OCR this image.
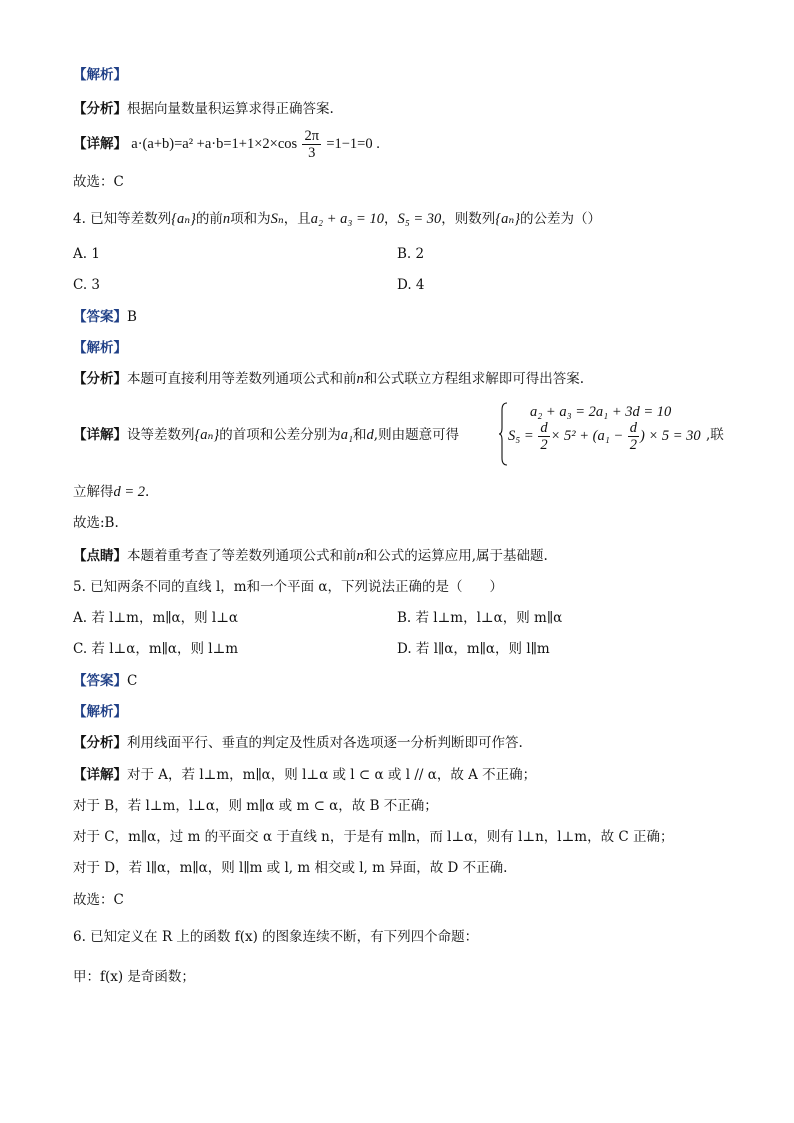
【解析】
【分析】根据向量数量积运算求得正确答案.
【详解】 $a\cdot(a+b)=a^2 +a\cdot b=1+1\times 2\times\cos \frac{2\pi}{3} =1-1=0$ .
故选：C
4. 已知等差数列{aₙ}的前n项和为Sₙ，且a₂ + a₃ = 10，S₅ = 30，则数列{aₙ}的公差为（）
A. 1	B. 2
C. 3	D. 4
【答案】B
【解析】
【分析】本题可直接利用等差数列通项公式和前n和公式联立方程组求解即可得出答案.
【详解】设等差数列{aₙ}的首项和公差分别为a₁和d,则由题意可得
a₂ + a₃ = 2a₁ + 3d = 10
$S_5 = \frac{d}{2} \times 5^2 + (a_1 - \frac{d}{2}$ ) × 5 = 30 ,联
立解得d = 2.
故选:B.
【点睛】本题着重考查了等差数列通项公式和前n和公式的运算应用,属于基础题.
5. 已知两条不同的直线 l，m和一个平面 α，下列说法正确的是（　　）
A. 若 l⊥m，m∥α，则 l⊥α	B. 若 l⊥m，l⊥α，则 m∥α
C. 若 l⊥α，m∥α，则 l⊥m	D. 若 l∥α，m∥α，则 l∥m
【答案】C
【解析】
【分析】利用线面平行、垂直的判定及性质对各选项逐一分析判断即可作答.
【详解】对于 A，若 l⊥m，m∥α，则 l⊥α 或 l ⊂ α 或 l // α，故 A 不正确；
对于 B，若 l⊥m，l⊥α，则 m∥α 或 m ⊂ α，故 B 不正确；
对于 C，m∥α，过 m 的平面交 α 于直线 n，于是有 m∥n，而 l⊥α，则有 l⊥n，l⊥m，故 C 正确；
对于 D，若 l∥α，m∥α，则 l∥m 或 l, m 相交或 l, m 异面，故 D 不正确.
故选：C
6. 已知定义在 R 上的函数 f(x) 的图象连续不断，有下列四个命题：
甲：f(x) 是奇函数；
